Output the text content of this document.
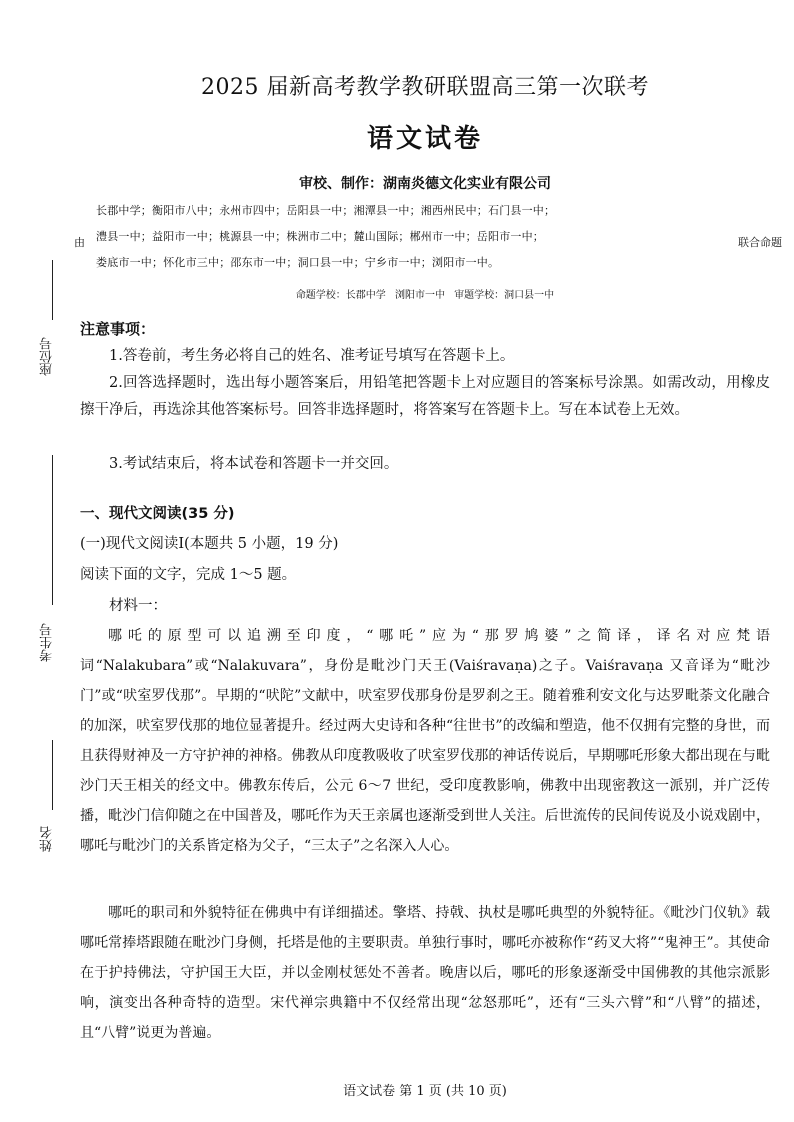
座位号
考生号
姓名
2025 届新高考教学教研联盟高三第一次联考
语文试卷
审校、制作：湖南炎德文化实业有限公司
由
长郡中学；衡阳市八中；永州市四中；岳阳县一中；湘潭县一中；湘西州民中；石门县一中；
澧县一中；益阳市一中；桃源县一中；株洲市二中；麓山国际；郴州市一中；岳阳市一中；
娄底市一中；怀化市三中；邵东市一中；洞口县一中；宁乡市一中；浏阳市一中。
联合命题
命题学校：长郡中学 浏阳市一中 审题学校：洞口县一中
注意事项：
1.答卷前，考生务必将自己的姓名、准考证号填写在答题卡上。
2.回答选择题时，选出每小题答案后，用铅笔把答题卡上对应题目的答案标号涂黑。如需改动，用橡皮擦干净后，再选涂其他答案标号。回答非选择题时，将答案写在答题卡上。写在本试卷上无效。
3.考试结束后，将本试卷和答题卡一并交回。
一、现代文阅读(35 分)
(一)现代文阅读Ⅰ(本题共 5 小题，19 分)
阅读下面的文字，完成 1～5 题。
材料一：
哪吒的原型可以追溯至印度，“哪吒”应为“那罗鸠婆”之简译，译名对应梵语词“Nalakubara”或“Nalakuvara”，身份是毗沙门天王(Vaiśravaṇa)之子。Vaiśravaṇa 又音译为“毗沙门”或“吠室罗伐那”。早期的“吠陀”文献中，吠室罗伐那身份是罗刹之王。随着雅利安文化与达罗毗荼文化融合的加深，吠室罗伐那的地位显著提升。经过两大史诗和各种“往世书”的改编和塑造，他不仅拥有完整的身世，而且获得财神及一方守护神的神格。佛教从印度教吸收了吠室罗伐那的神话传说后，早期哪吒形象大都出现在与毗沙门天王相关的经文中。佛教东传后，公元 6～7 世纪，受印度教影响，佛教中出现密教这一派别，并广泛传播，毗沙门信仰随之在中国普及，哪吒作为天王亲属也逐渐受到世人关注。后世流传的民间传说及小说戏剧中，哪吒与毗沙门的关系皆定格为父子，“三太子”之名深入人心。
哪吒的职司和外貌特征在佛典中有详细描述。擎塔、持戟、执杖是哪吒典型的外貌特征。《毗沙门仪轨》载哪吒常捧塔跟随在毗沙门身侧，托塔是他的主要职责。单独行事时，哪吒亦被称作“药叉大将”“鬼神王”。其使命在于护持佛法，守护国王大臣，并以金刚杖惩处不善者。晚唐以后，哪吒的形象逐渐受中国佛教的其他宗派影响，演变出各种奇特的造型。宋代禅宗典籍中不仅经常出现“忿怒那吒”，还有“三头六臂”和“八臂”的描述，且“八臂”说更为普遍。
语文试卷 第 1 页 (共 10 页)
